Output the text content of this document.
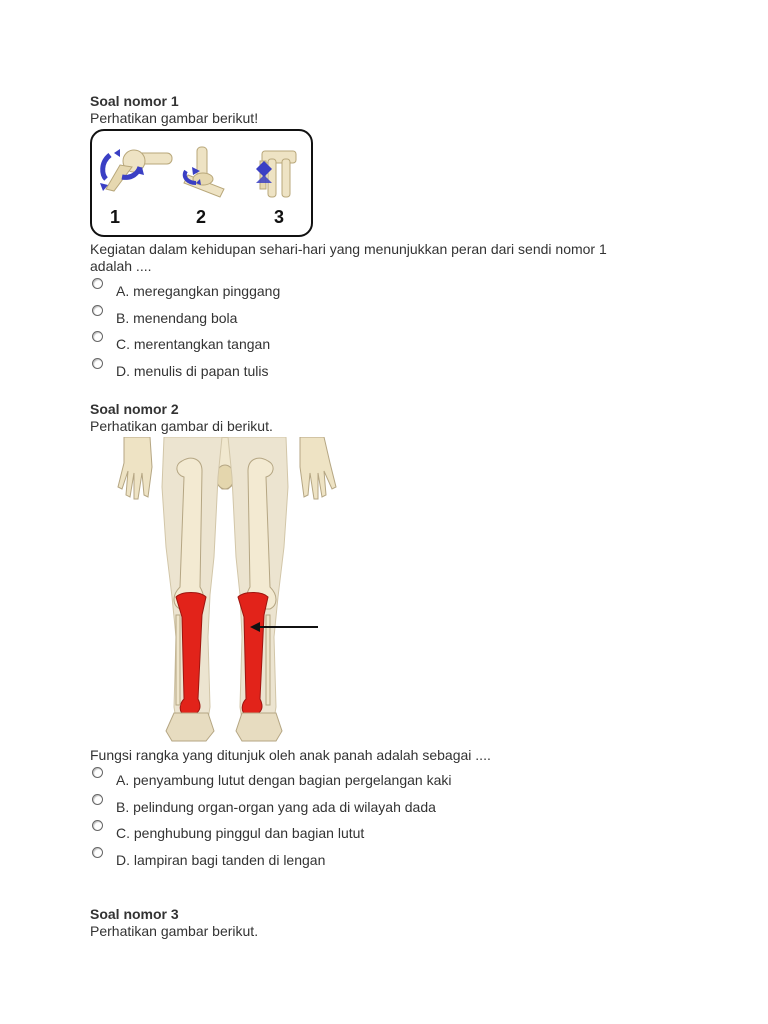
Soal nomor 1
Perhatikan gambar berikut!
1	2	3
Kegiatan dalam kehidupan sehari-hari yang menunjukkan peran dari sendi nomor 1 adalah ....
A. meregangkan pinggang
B. menendang bola
C. merentangkan tangan
D. menulis di papan tulis
Soal nomor 2
Perhatikan gambar di berikut.
Fungsi rangka yang ditunjuk oleh anak panah adalah sebagai ....
A. penyambung lutut dengan bagian pergelangan kaki
B. pelindung organ-organ yang ada di wilayah dada
C. penghubung pinggul dan bagian lutut
D. lampiran bagi tanden di lengan
Soal nomor 3
Perhatikan gambar berikut.
